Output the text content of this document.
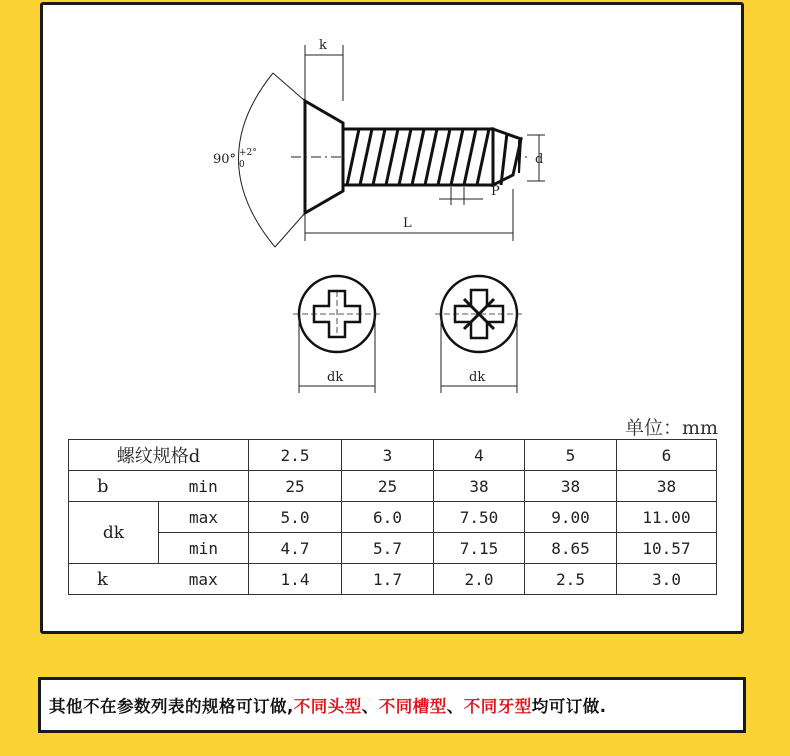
k
90° +2°
0	d
P
L
dk	dk
单位：mm
螺纹规格d		2.5	3	4	5	6
b	min	25	25	38	38	38
dk	max	5.0	6.0	7.50	9.00	11.00
	min	4.7	5.7	7.15	8.65	10.57
k	max	1.4	1.7	2.0	2.5	3.0
其他不在参数列表的规格可订做, 不同头型 、 不同槽型 、 不同牙型 均可订做.
